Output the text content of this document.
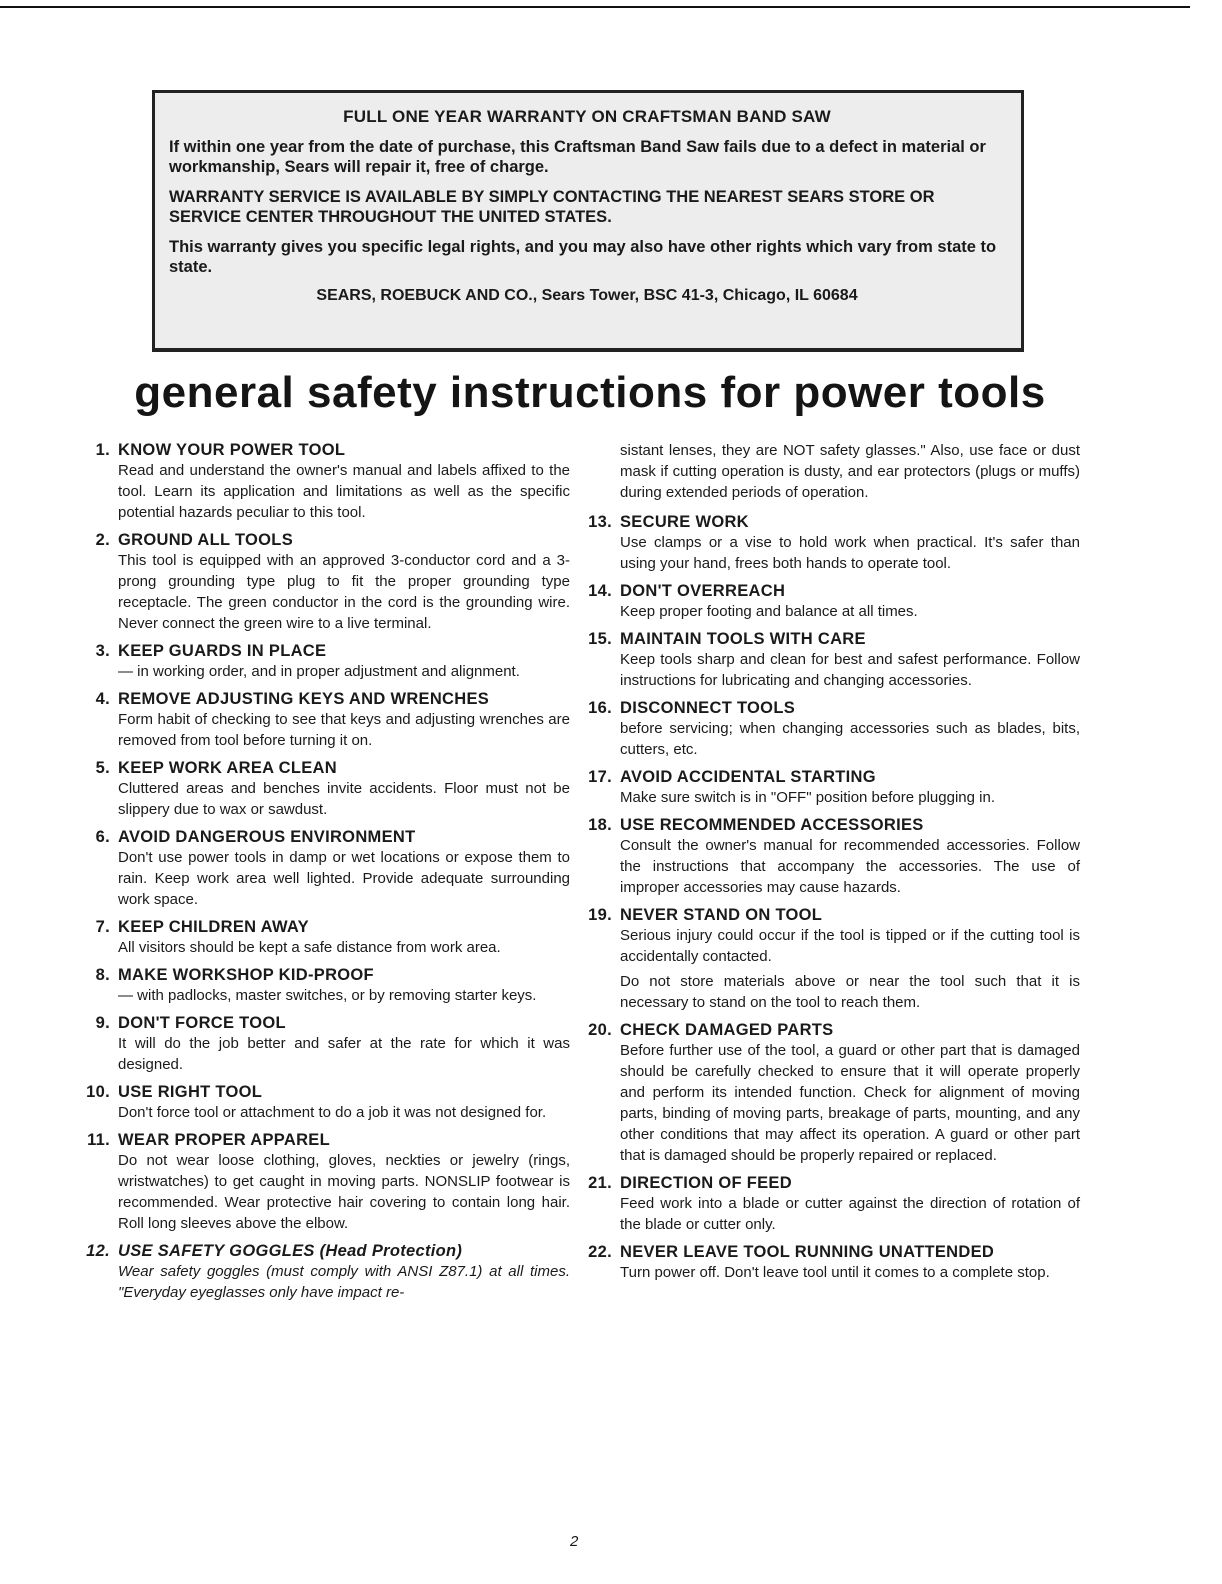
FULL ONE YEAR WARRANTY ON CRAFTSMAN BAND SAW

If within one year from the date of purchase, this Craftsman Band Saw fails due to a defect in material or workmanship, Sears will repair it, free of charge.

WARRANTY SERVICE IS AVAILABLE BY SIMPLY CONTACTING THE NEAREST SEARS STORE OR SERVICE CENTER THROUGHOUT THE UNITED STATES.

This warranty gives you specific legal rights, and you may also have other rights which vary from state to state.

SEARS, ROEBUCK AND CO., Sears Tower, BSC 41-3, Chicago, IL 60684
general safety instructions for power tools
1. KNOW YOUR POWER TOOL
Read and understand the owner's manual and labels affixed to the tool. Learn its application and limitations as well as the specific potential hazards peculiar to this tool.
2. GROUND ALL TOOLS
This tool is equipped with an approved 3-conductor cord and a 3-prong grounding type plug to fit the proper grounding type receptacle. The green conductor in the cord is the grounding wire. Never connect the green wire to a live terminal.
3. KEEP GUARDS IN PLACE
— in working order, and in proper adjustment and alignment.
4. REMOVE ADJUSTING KEYS AND WRENCHES
Form habit of checking to see that keys and adjusting wrenches are removed from tool before turning it on.
5. KEEP WORK AREA CLEAN
Cluttered areas and benches invite accidents. Floor must not be slippery due to wax or sawdust.
6. AVOID DANGEROUS ENVIRONMENT
Don't use power tools in damp or wet locations or expose them to rain. Keep work area well lighted. Provide adequate surrounding work space.
7. KEEP CHILDREN AWAY
All visitors should be kept a safe distance from work area.
8. MAKE WORKSHOP KID-PROOF
— with padlocks, master switches, or by removing starter keys.
9. DON'T FORCE TOOL
It will do the job better and safer at the rate for which it was designed.
10. USE RIGHT TOOL
Don't force tool or attachment to do a job it was not designed for.
11. WEAR PROPER APPAREL
Do not wear loose clothing, gloves, neckties or jewelry (rings, wristwatches) to get caught in moving parts. NONSLIP footwear is recommended. Wear protective hair covering to contain long hair. Roll long sleeves above the elbow.
12. USE SAFETY GOGGLES (Head Protection)
Wear safety goggles (must comply with ANSI Z87.1) at all times. "Everyday eyeglasses only have impact re-
sistant lenses, they are NOT safety glasses." Also, use face or dust mask if cutting operation is dusty, and ear protectors (plugs or muffs) during extended periods of operation.
13. SECURE WORK
Use clamps or a vise to hold work when practical. It's safer than using your hand, frees both hands to operate tool.
14. DON'T OVERREACH
Keep proper footing and balance at all times.
15. MAINTAIN TOOLS WITH CARE
Keep tools sharp and clean for best and safest performance. Follow instructions for lubricating and changing accessories.
16. DISCONNECT TOOLS
before servicing; when changing accessories such as blades, bits, cutters, etc.
17. AVOID ACCIDENTAL STARTING
Make sure switch is in "OFF" position before plugging in.
18. USE RECOMMENDED ACCESSORIES
Consult the owner's manual for recommended accessories. Follow the instructions that accompany the accessories. The use of improper accessories may cause hazards.
19. NEVER STAND ON TOOL
Serious injury could occur if the tool is tipped or if the cutting tool is accidentally contacted.
Do not store materials above or near the tool such that it is necessary to stand on the tool to reach them.
20. CHECK DAMAGED PARTS
Before further use of the tool, a guard or other part that is damaged should be carefully checked to ensure that it will operate properly and perform its intended function. Check for alignment of moving parts, binding of moving parts, breakage of parts, mounting, and any other conditions that may affect its operation. A guard or other part that is damaged should be properly repaired or replaced.
21. DIRECTION OF FEED
Feed work into a blade or cutter against the direction of rotation of the blade or cutter only.
22. NEVER LEAVE TOOL RUNNING UNATTENDED
Turn power off. Don't leave tool until it comes to a complete stop.
2
